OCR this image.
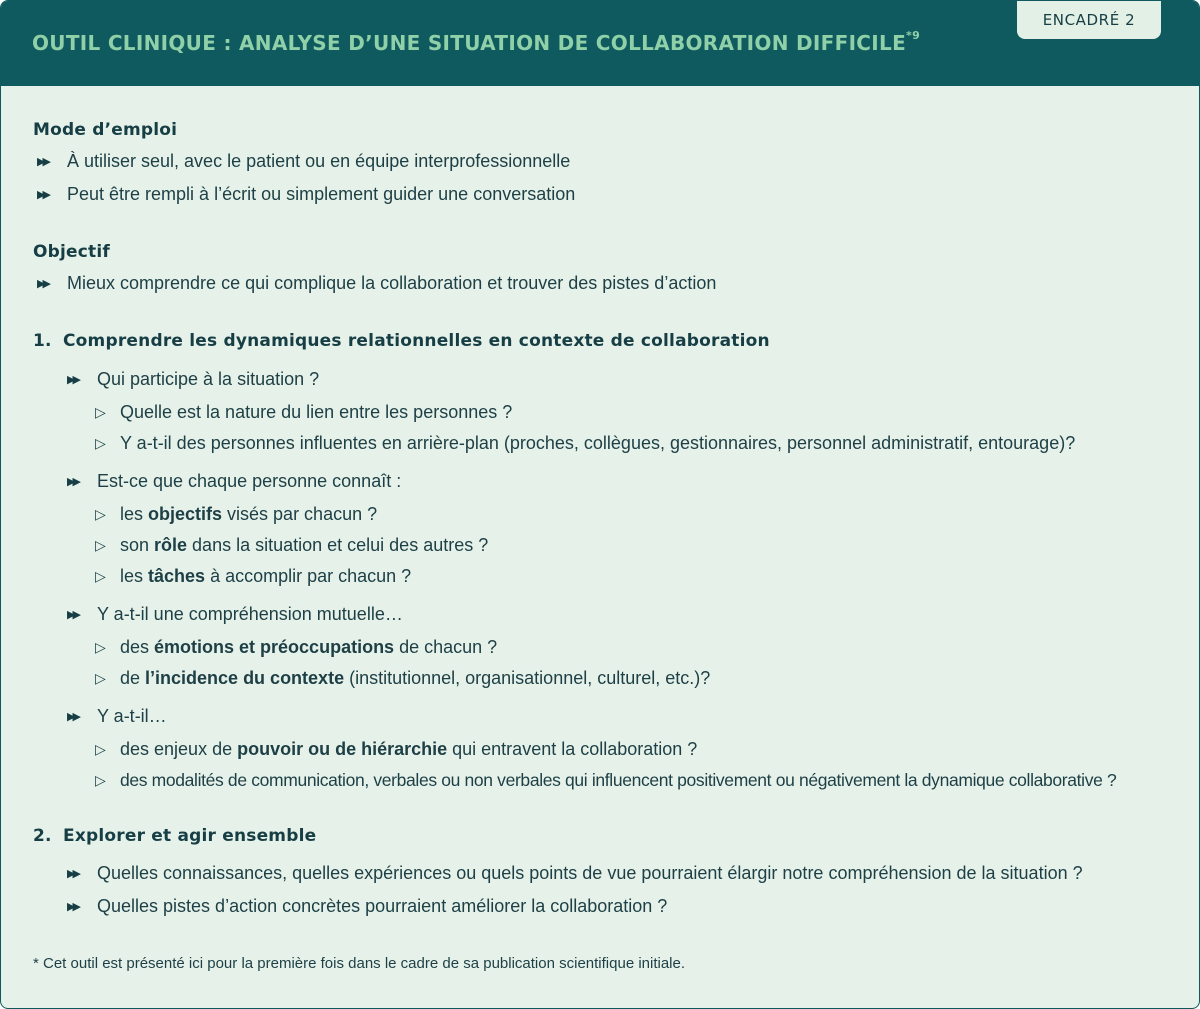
OUTIL CLINIQUE : ANALYSE D’UNE SITUATION DE COLLABORATION DIFFICILE$^{*9}$
ENCADRÉ 2
Mode d’emploi
▶▶	À utiliser seul, avec le patient ou en équipe interprofessionnelle
▶▶	Peut être rempli à l’écrit ou simplement guider une conversation
Objectif
▶▶	Mieux comprendre ce qui complique la collaboration et trouver des pistes d’action
1. Comprendre les dynamiques relationnelles en contexte de collaboration
▶▶	Qui participe à la situation ?
▷ Quelle est la nature du lien entre les personnes ?
▷ Y a-t-il des personnes influentes en arrière-plan (proches, collègues, gestionnaires, personnel administratif, entourage)?
▶▶	Est-ce que chaque personne connaît :
▷ les objectifs visés par chacun ?
▷ son rôle dans la situation et celui des autres ?
▷ les tâches à accomplir par chacun ?
▶▶	Y a-t-il une compréhension mutuelle…
▷ des émotions et préoccupations de chacun ?
▷ de l’incidence du contexte (institutionnel, organisationnel, culturel, etc.)?
▶▶	Y a-t-il…
▷ des enjeux de pouvoir ou de hiérarchie qui entravent la collaboration ?
▷ des modalités de communication, verbales ou non verbales qui influencent positivement ou négativement la dynamique collaborative ?
2. Explorer et agir ensemble
▶▶	Quelles connaissances, quelles expériences ou quels points de vue pourraient élargir notre compréhension de la situation ?
▶▶	Quelles pistes d’action concrètes pourraient améliorer la collaboration ?
* Cet outil est présenté ici pour la première fois dans le cadre de sa publication scientifique initiale.
